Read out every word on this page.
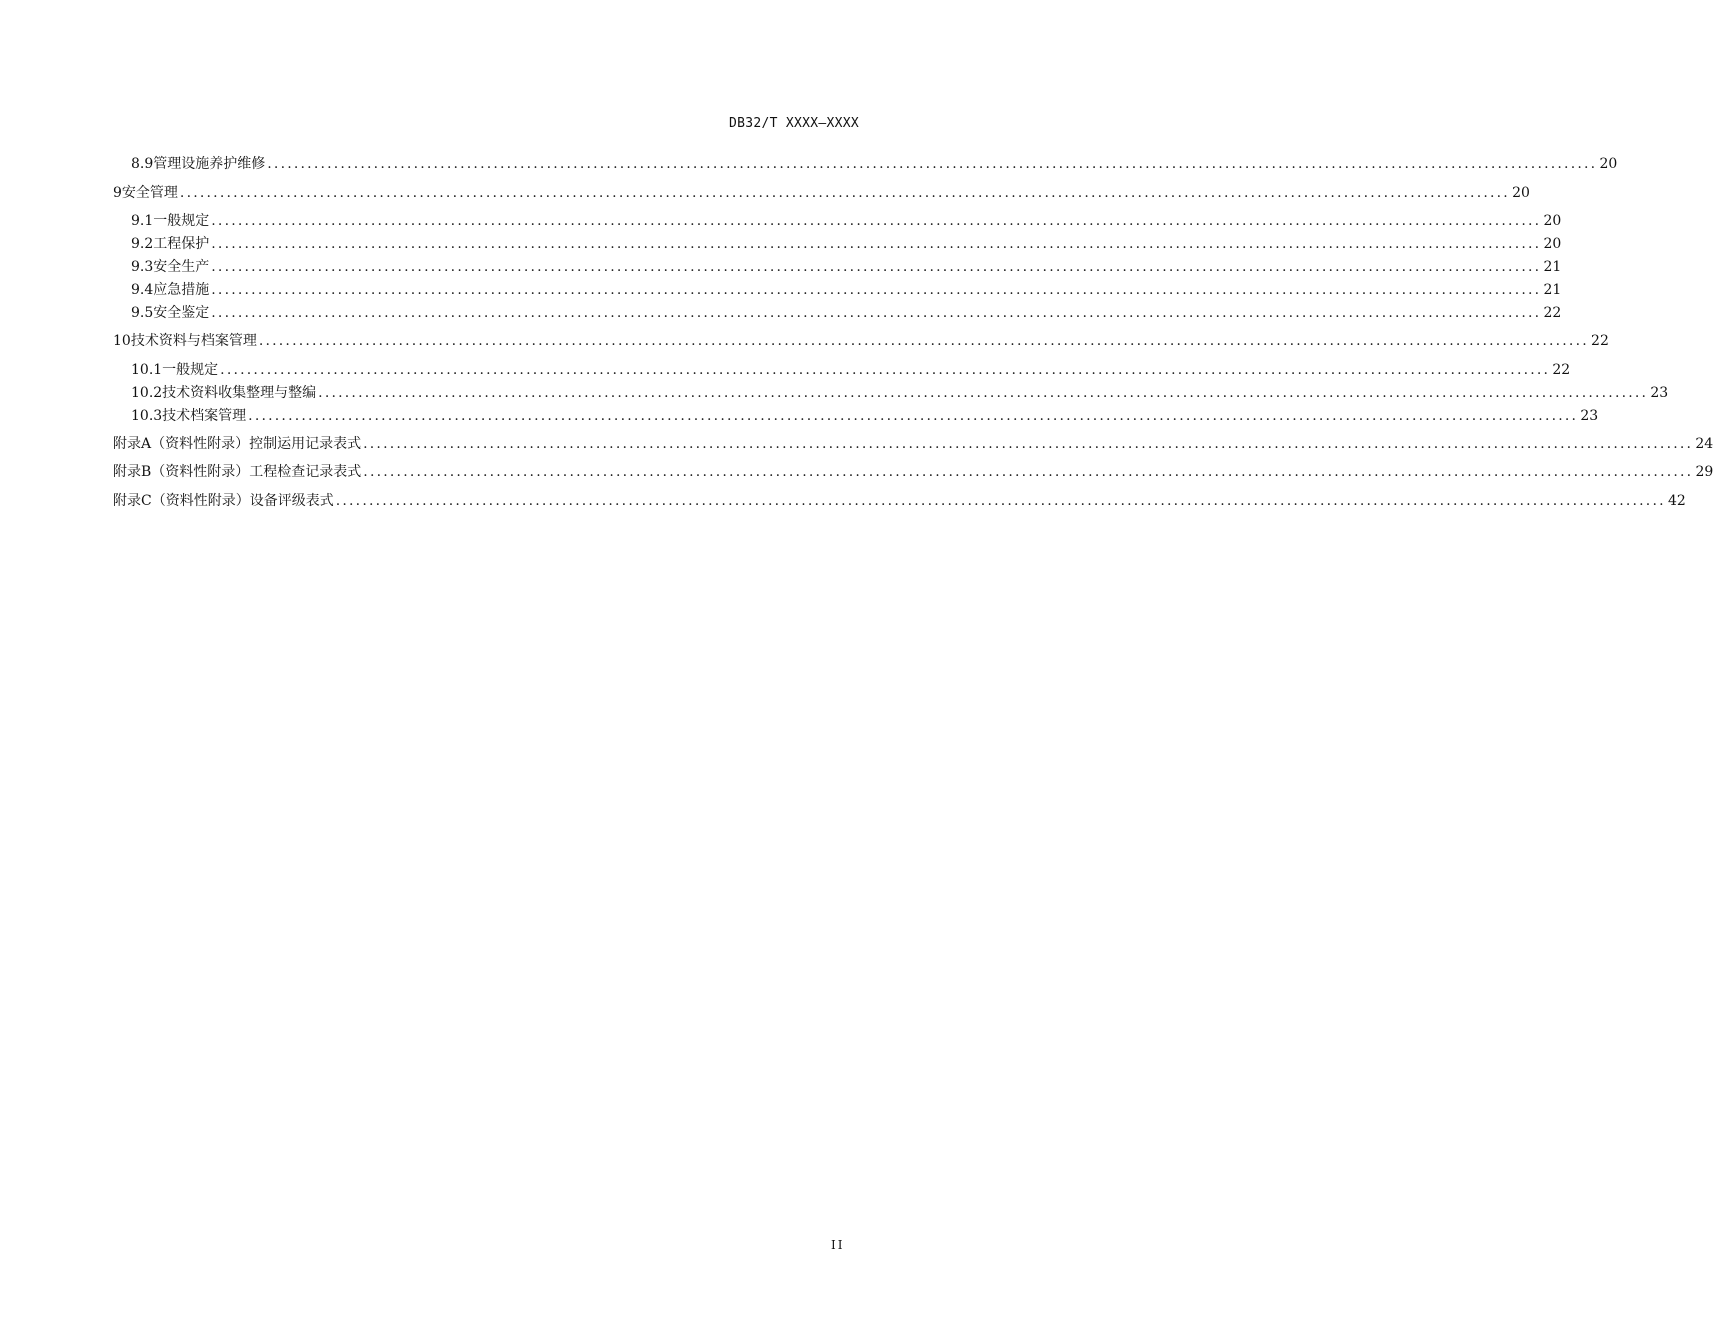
DB32/T XXXX—XXXX
8.9 管理设施养护维修 ........................................................................................................................................................................................................ 20
9 安全管理 ........................................................................................................................................................................................................ 20
9.1 一般规定 ........................................................................................................................................................................................................ 20
9.2 工程保护 ........................................................................................................................................................................................................ 20
9.3 安全生产 ........................................................................................................................................................................................................ 21
9.4 应急措施 ........................................................................................................................................................................................................ 21
9.5 安全鉴定 ........................................................................................................................................................................................................ 22
10 技术资料与档案管理 ........................................................................................................................................................................................................ 22
10.1 一般规定 ........................................................................................................................................................................................................ 22
10.2 技术资料收集整理与整编 ........................................................................................................................................................................................................ 23
10.3 技术档案管理 ........................................................................................................................................................................................................ 23
附录A（资料性附录） 控制运用记录表式 ........................................................................................................................................................................................................ 24
附录B（资料性附录） 工程检查记录表式 ........................................................................................................................................................................................................ 29
附录C（资料性附录） 设备评级表式 ........................................................................................................................................................................................................ 42
II
